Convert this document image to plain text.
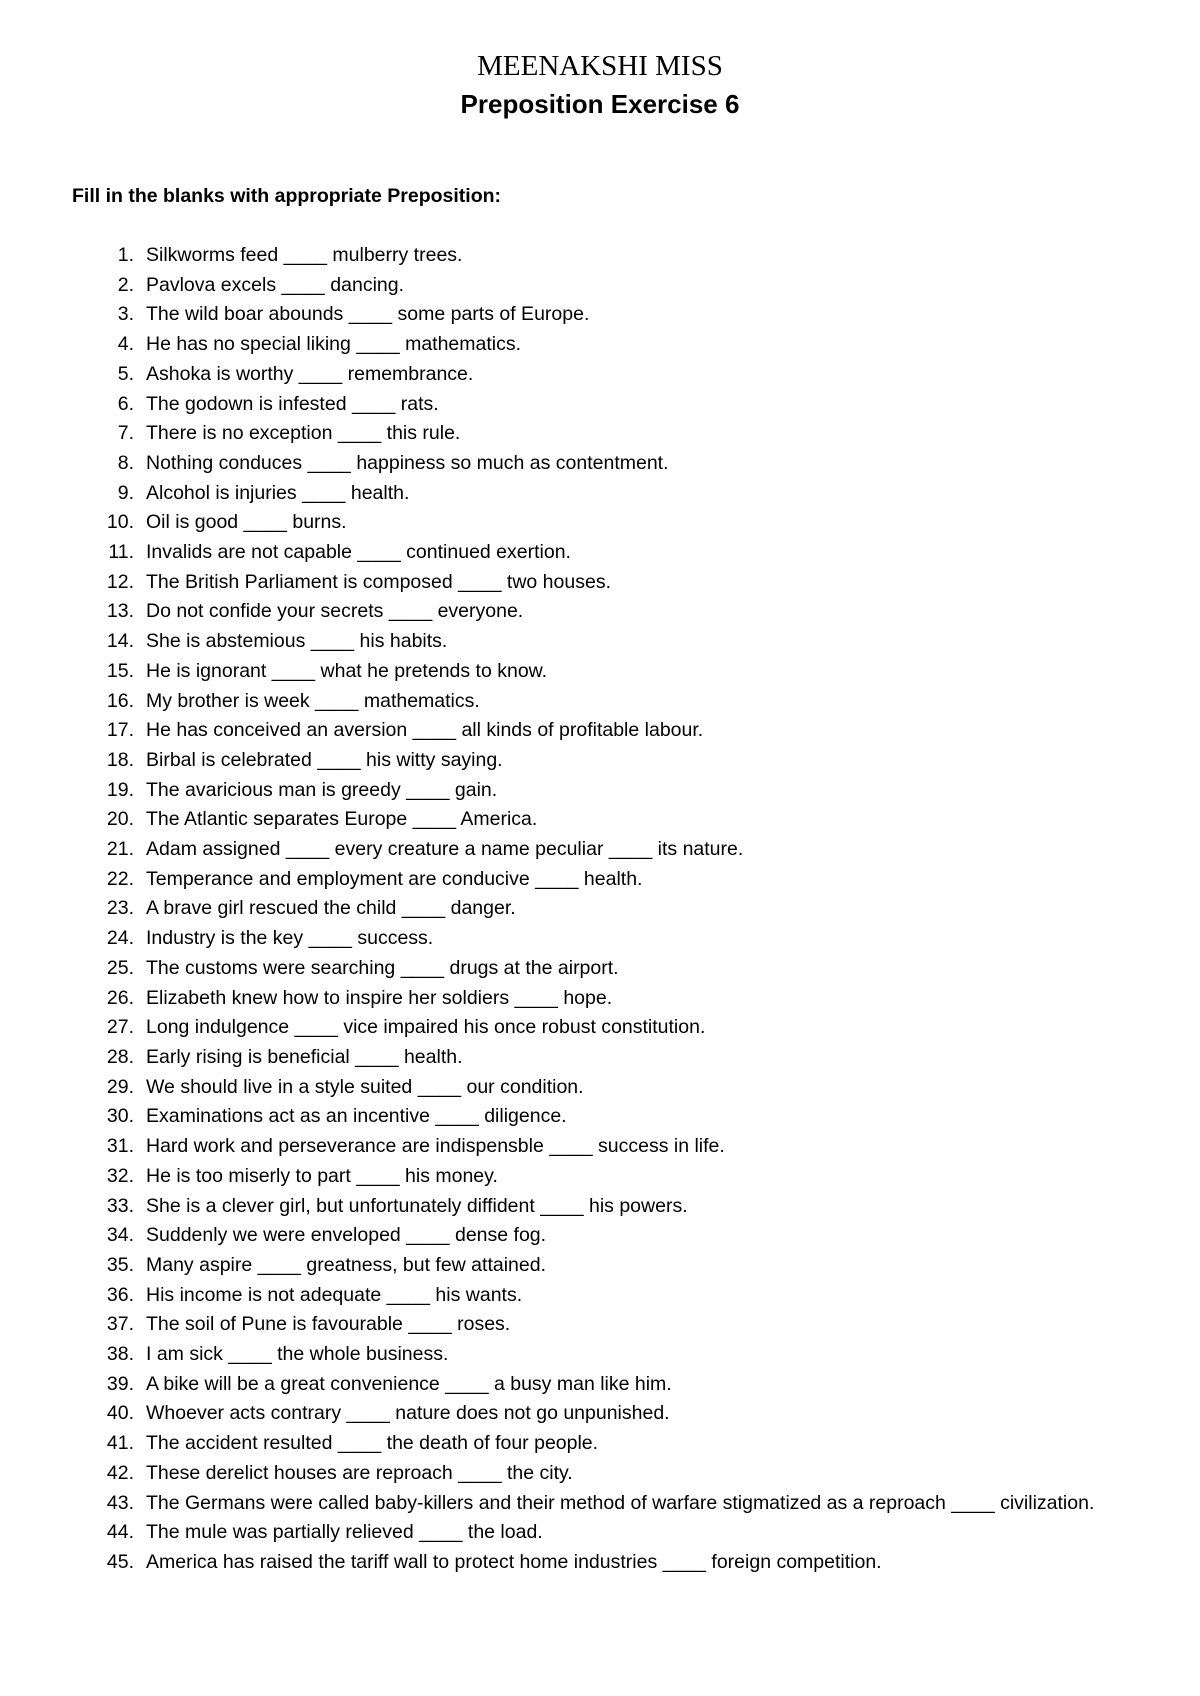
MEENAKSHI MISS
Preposition Exercise 6

Fill in the blanks with appropriate Preposition:

1. Silkworms feed ____ mulberry trees.
2. Pavlova excels ____ dancing.
3. The wild boar abounds ____ some parts of Europe.
4. He has no special liking ____ mathematics.
5. Ashoka is worthy ____ remembrance.
6. The godown is infested ____ rats.
7. There is no exception ____ this rule.
8. Nothing conduces ____ happiness so much as contentment.
9. Alcohol is injuries ____ health.
10. Oil is good ____ burns.
11. Invalids are not capable ____ continued exertion.
12. The British Parliament is composed ____ two houses.
13. Do not confide your secrets ____ everyone.
14. She is abstemious ____ his habits.
15. He is ignorant ____ what he pretends to know.
16. My brother is week ____ mathematics.
17. He has conceived an aversion ____ all kinds of profitable labour.
18. Birbal is celebrated ____ his witty saying.
19. The avaricious man is greedy ____ gain.
20. The Atlantic separates Europe ____ America.
21. Adam assigned ____ every creature a name peculiar ____ its nature.
22. Temperance and employment are conducive ____ health.
23. A brave girl rescued the child ____ danger.
24. Industry is the key ____ success.
25. The customs were searching ____ drugs at the airport.
26. Elizabeth knew how to inspire her soldiers ____ hope.
27. Long indulgence ____ vice impaired his once robust constitution.
28. Early rising is beneficial ____ health.
29. We should live in a style suited ____ our condition.
30. Examinations act as an incentive ____ diligence.
31. Hard work and perseverance are indispensble ____ success in life.
32. He is too miserly to part ____ his money.
33. She is a clever girl, but unfortunately diffident ____ his powers.
34. Suddenly we were enveloped ____ dense fog.
35. Many aspire ____ greatness, but few attained.
36. His income is not adequate ____ his wants.
37. The soil of Pune is favourable ____ roses.
38. I am sick ____ the whole business.
39. A bike will be a great convenience ____ a busy man like him.
40. Whoever acts contrary ____ nature does not go unpunished.
41. The accident resulted ____ the death of four people.
42. These derelict houses are reproach ____ the city.
43. The Germans were called baby-killers and their method of warfare stigmatized as a reproach ____ civilization.
44. The mule was partially relieved ____ the load.
45. America has raised the tariff wall to protect home industries ____ foreign competition.
